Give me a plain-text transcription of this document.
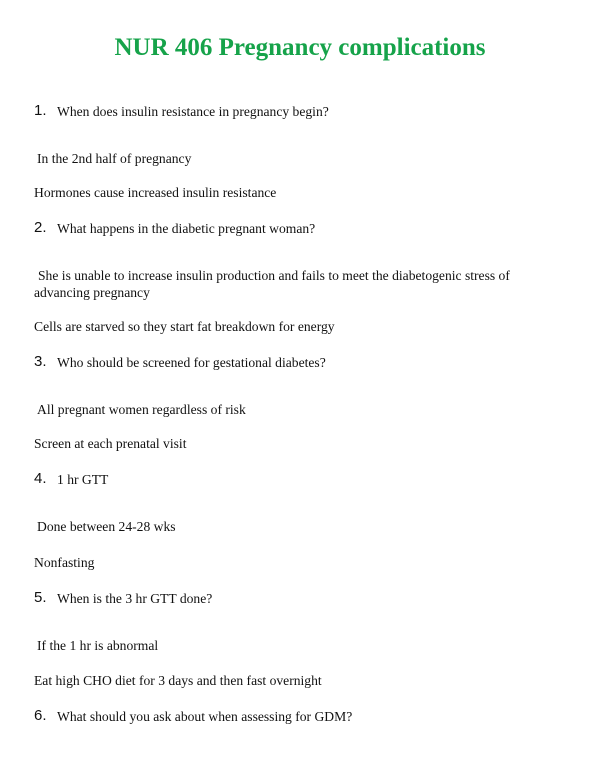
NUR 406 Pregnancy complications
1. When does insulin resistance in pregnancy begin?
In the 2nd half of pregnancy
Hormones cause increased insulin resistance
2. What happens in the diabetic pregnant woman?
She is unable to increase insulin production and fails to meet the diabetogenic stress of advancing pregnancy
Cells are starved so they start fat breakdown for energy
3. Who should be screened for gestational diabetes?
All pregnant women regardless of risk
Screen at each prenatal visit
4. 1 hr GTT
Done between 24-28 wks
Nonfasting
5. When is the 3 hr GTT done?
If the 1 hr is abnormal
Eat high CHO diet for 3 days and then fast overnight
6. What should you ask about when assessing for GDM?
